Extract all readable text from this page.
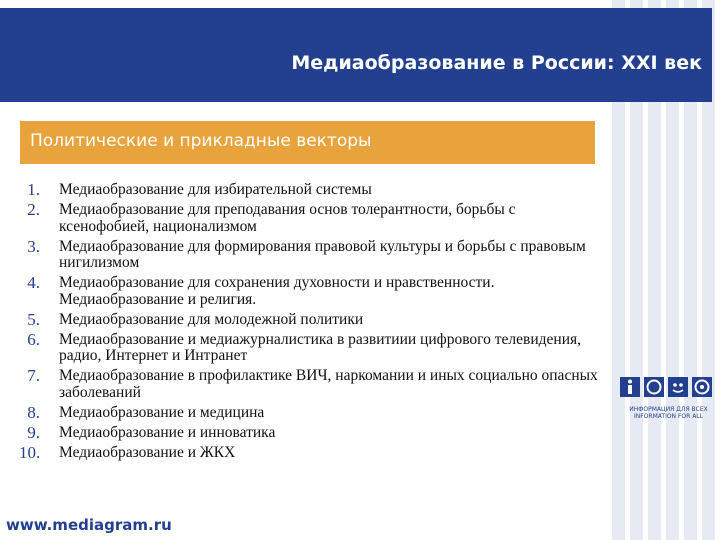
Медиаобразование в России: XXI век
Политические и прикладные векторы
1. Медиаобразование для избирательной системы
2. Медиаобразование для преподавания основ толерантности, борьбы с ксенофобией, национализмом
3. Медиаобразование для формирования правовой культуры и борьбы с правовым нигилизмом
4. Медиаобразование для сохранения духовности и нравственности. Медиаобразование и религия.
5. Медиаобразование для молодежной политики
6. Медиаобразование и медиажурналистика в развитиии цифрового телевидения, радио, Интернет и Интранет
7. Медиаобразование в профилактике ВИЧ, наркомании и иных социально опасных заболеваний
8. Медиаобразование и медицина
9. Медиаобразование и инноватика
10. Медиаобразование и ЖКХ
ИНФОРМАЦИЯ ДЛЯ ВСЕХ
INFORMATION FOR ALL
www.mediagram.ru
